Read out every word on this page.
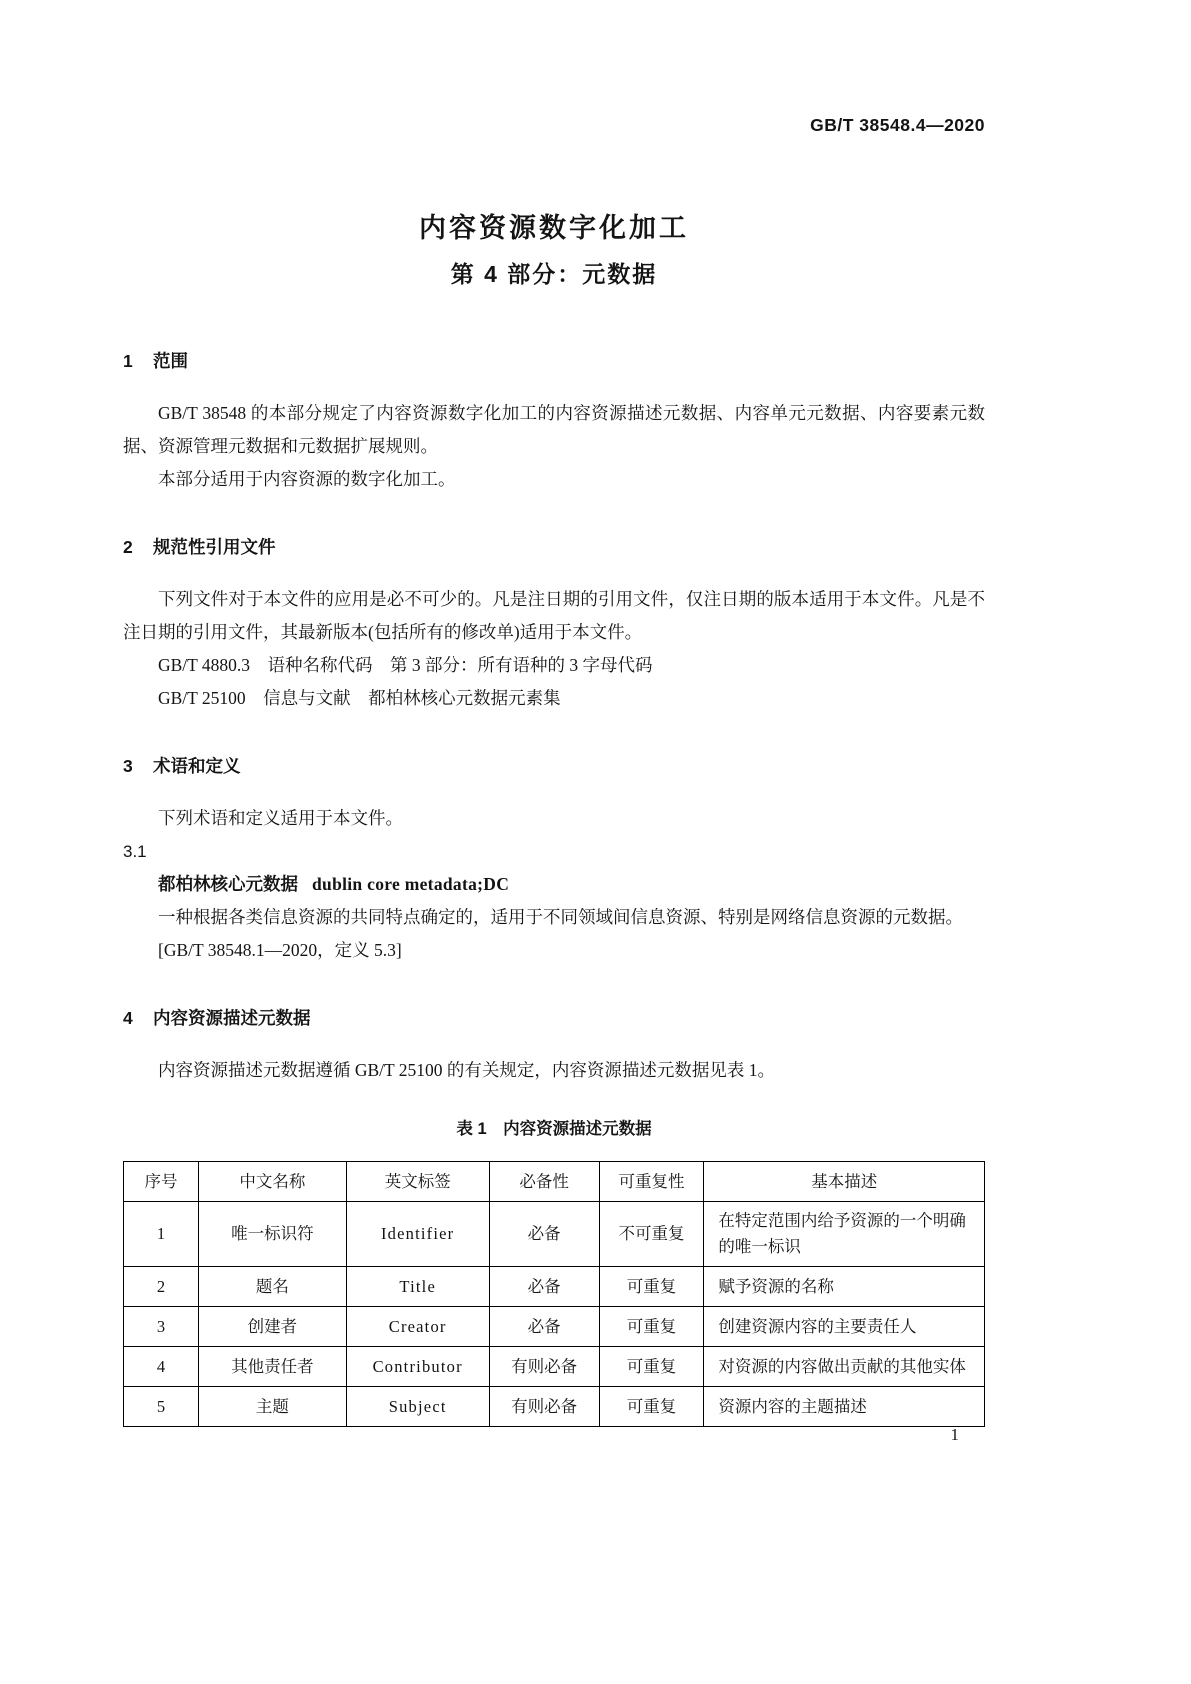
GB/T 38548.4—2020
内容资源数字化加工
第 4 部分：元数据
1 范围

GB/T 38548 的本部分规定了内容资源数字化加工的内容资源描述元数据、内容单元元数据、内容要素元数据、资源管理元数据和元数据扩展规则。

本部分适用于内容资源的数字化加工。

2 规范性引用文件

下列文件对于本文件的应用是必不可少的。凡是注日期的引用文件，仅注日期的版本适用于本文件。凡是不注日期的引用文件，其最新版本(包括所有的修改单)适用于本文件。

GB/T 4880.3　语种名称代码　第 3 部分：所有语种的 3 字母代码

GB/T 25100　信息与文献　都柏林核心元数据元素集

3 术语和定义

下列术语和定义适用于本文件。

3.1

都柏林核心元数据 dublin core metadata;DC

一种根据各类信息资源的共同特点确定的，适用于不同领域间信息资源、特别是网络信息资源的元数据。

[GB/T 38548.1—2020，定义 5.3]

4 内容资源描述元数据

内容资源描述元数据遵循 GB/T 25100 的有关规定，内容资源描述元数据见表 1。

表 1　内容资源描述元数据
序号	中文名称	英文标签	必备性	可重复性	基本描述
1	唯一标识符	Identifier	必备	不可重复	在特定范围内给予资源的一个明确的唯一标识
2	题名	Title	必备	可重复	赋予资源的名称
3	创建者	Creator	必备	可重复	创建资源内容的主要责任人
4	其他责任者	Contributor	有则必备	可重复	对资源的内容做出贡献的其他实体
5	主题	Subject	有则必备	可重复	资源内容的主题描述
1
